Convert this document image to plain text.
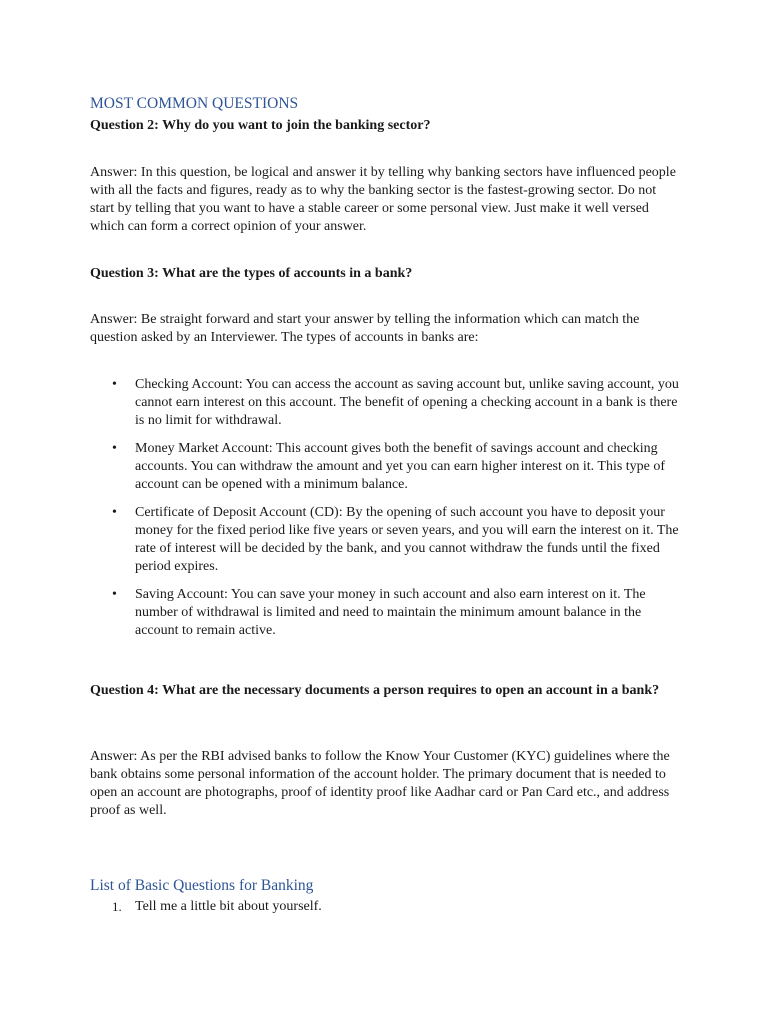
MOST COMMON QUESTIONS
Question 2: Why do you want to join the banking sector?

Answer: In this question, be logical and answer it by telling why banking sectors have influenced people with all the facts and figures, ready as to why the banking sector is the fastest-growing sector. Do not start by telling that you want to have a stable career or some personal view. Just make it well versed which can form a correct opinion of your answer.

Question 3: What are the types of accounts in a bank?

Answer: Be straight forward and start your answer by telling the information which can match the question asked by an Interviewer. The types of accounts in banks are:

• Checking Account: You can access the account as saving account but, unlike saving account, you cannot earn interest on this account. The benefit of opening a checking account in a bank is there is no limit for withdrawal.
• Money Market Account: This account gives both the benefit of savings account and checking accounts. You can withdraw the amount and yet you can earn higher interest on it. This type of account can be opened with a minimum balance.
• Certificate of Deposit Account (CD): By the opening of such account you have to deposit your money for the fixed period like five years or seven years, and you will earn the interest on it. The rate of interest will be decided by the bank, and you cannot withdraw the funds until the fixed period expires.
• Saving Account: You can save your money in such account and also earn interest on it. The number of withdrawal is limited and need to maintain the minimum amount balance in the account to remain active.
Question 4: What are the necessary documents a person requires to open an account in a bank?

Answer: As per the RBI advised banks to follow the Know Your Customer (KYC) guidelines where the bank obtains some personal information of the account holder. The primary document that is needed to open an account are photographs, proof of identity proof like Aadhar card or Pan Card etc., and address proof as well.

List of Basic Questions for Banking
1. Tell me a little bit about yourself.
